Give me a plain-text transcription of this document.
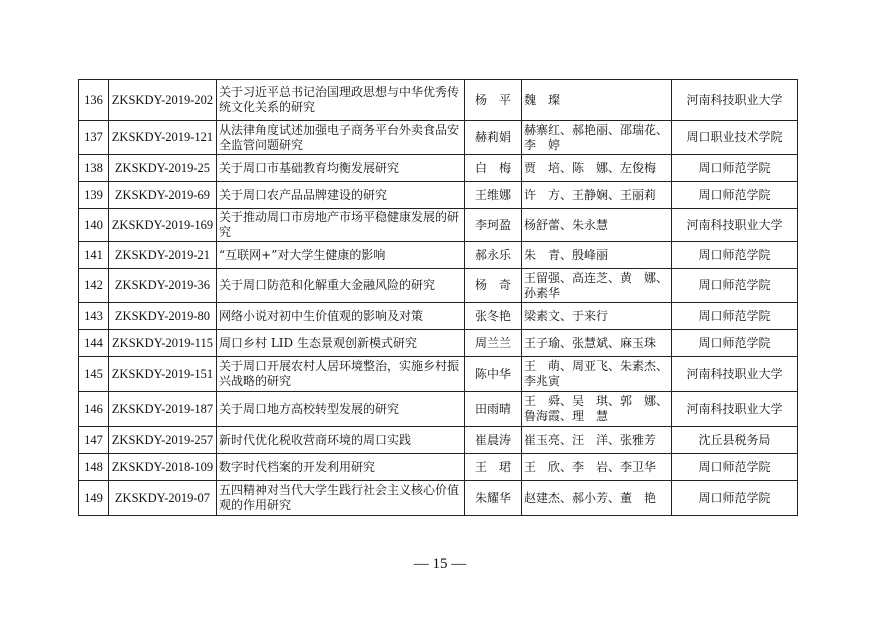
136	ZKSKDY-2019-202	关于习近平总书记治国理政思想与中华优秀传统文化关系的研究	杨　平	魏　璨	河南科技职业大学
137	ZKSKDY-2019-121	从法律角度试述加强电子商务平台外卖食品安全监管问题研究	赫莉娟	赫寨红、郝艳丽、邵瑞花、李　婷	周口职业技术学院
138	ZKSKDY-2019-25	关于周口市基础教育均衡发展研究	白　梅	贾　培、陈　娜、左俊梅	周口师范学院
139	ZKSKDY-2019-69	关于周口农产品品牌建设的研究	王维娜	许　方、王静娴、王丽莉	周口师范学院
140	ZKSKDY-2019-169	关于推动周口市房地产市场平稳健康发展的研究	李珂盈	杨舒蕾、朱永慧	河南科技职业大学
141	ZKSKDY-2019-21	“互联网+”对大学生健康的影响	郝永乐	朱　青、殷峰丽	周口师范学院
142	ZKSKDY-2019-36	关于周口防范和化解重大金融风险的研究	杨　奇	王留强、高连芝、黄　娜、孙素华	周口师范学院
143	ZKSKDY-2019-80	网络小说对初中生价值观的影响及对策	张冬艳	梁素文、于来行	周口师范学院
144	ZKSKDY-2019-115	周口乡村 LID 生态景观创新模式研究	周兰兰	王子瑜、张慧斌、麻玉珠	周口师范学院
145	ZKSKDY-2019-151	关于周口开展农村人居环境整治，实施乡村振兴战略的研究	陈中华	王　萌、周亚飞、朱素杰、李兆寅	河南科技职业大学
146	ZKSKDY-2019-187	关于周口地方高校转型发展的研究	田雨晴	王　舜、吴　琪、郭　娜、鲁海霞、理　慧	河南科技职业大学
147	ZKSKDY-2019-257	新时代优化税收营商环境的周口实践	崔晨涛	崔玉亮、汪　洋、张雅芳	沈丘县税务局
148	ZKSKDY-2018-109	数字时代档案的开发利用研究	王　珺	王　欣、李　岩、李卫华	周口师范学院
149	ZKSKDY-2019-07	五四精神对当代大学生践行社会主义核心价值观的作用研究	朱耀华	赵建杰、郝小芳、董　艳	周口师范学院
— 15 —
